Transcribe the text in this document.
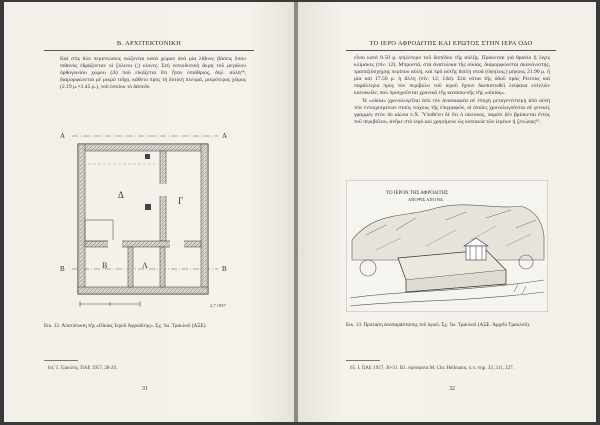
Β. ΑΡΧΙΤΕΚΤΟΝΙΚΗ

Καὶ στὶς δύο περιπτώσεις σώζονται κατὰ χώραν ἀνὰ μία λίθινες βάσεις ὅπου πιθανὸς ἑδράζονταν οἱ ξύλινοι (;) κίονες. Στὴ νοτιοδυτικὴ ἄκρη τοῦ μεγάλου ὀρθογωνίου χώρου (Δ) ποὺ εἰκάζεται ὅτι ἦταν ὑπαίθριος, δηλ. αὐλή⁶⁴, διαμορφώνεται μὲ μικρὸ τοῖχο, κάθετο πρὸς τὴ δυτικὴ πλευρά, μικρότερος χῶρος (2.19 μ.×1.45 μ.), τοῦ ὁποίου τὸ δάπεδο

Α	Α
Β	Β
Δ
Γ
Β	Α
2,7 1957
Εικ. 12. Ἀποτύπωση τῆς «Οἰκίας Ἱεροῦ Ἀφροδίτης». Σχ. Ἰω. Τραυλοῦ (ΑΞΕ).
64. Ἰ. Τραυλός, ΠΑΕ 1957, 28-29.
31
ΤΟ ΙΕΡΟ ΑΦΡΟΔΙΤΗΣ ΚΑΙ ΕΡΩΤΟΣ ΣΤΗΝ ΙΕΡΑ ΟΔΟ

εἶναι κατὰ 0.50 μ. ψηλότερο τοῦ δαπέδου τῆς αὐλῆς. Πρόκειται γιὰ θρανίο ἢ λίγες κλίμακες (πίν. 12). Μπροστά, στὰ ἀνατολικὰ τῆς οἰκίας, διαμορφώνεται ἀκανόνιστης, τραπεζιόσχημης περίπου αὐλή, καὶ πρὸ αὐτῆς διπλὴ στοά (ὕψηλος;) μήκους 21.90 μ. ἢ μία καὶ 17.50 μ. ἡ ἄλλη (πίν. 12, 14α). Στὰ νότια τῆς ὁδοῦ πρὸς Ρειτοὺς καὶ παράλληλα πρὸς τὸν περίβολο τοῦ ἱεροῦ ἔχουν διαπιστωθεῖ λείψανα εὐτελῶν κατοικιῶν, ποὺ προηγοῦνται χρονικὰ τῆς κατασκευῆς τῆς «οἰκίας».

Ἡ «οἰκία» χρονολογεῖται ἀπὸ τὸν ἀνασκαφέα σὲ ἐποχὴ μεταγενέστερη ἀπὸ αὐτὴ τῶν ἐντοιχισμένων στοὺς τοίχους τῆς ἐπιγραφῶν, οἱ ὁποῖες χρονολογοῦνται σὲ γενικὲς γραμμὲς στὸν 4ο αἰώνα π.Χ. Ὑποθέτει δὲ ὅτι ὁ οἰκίσκος, παρότι δὲν βρίσκεται ἐντὸς τοῦ περιβόλου, ἀνῆκε στὸ ἱερὸ καὶ χρησίμευε ὡς κατοικία τῶν ἱερέων ἢ ξενώνας⁶⁵.

ΤΟ ΙΕΡΟΝ ΤΗΣ ΑΦΡΟΔΙΤΗΣ
ΑΠΟΨΙΣ ΑΠΟ ΒΔ
Εικ. 13. Πρόταση ἀναπαράστασης τοῦ ἱεροῦ. Σχ. Ἰω. Τραυλοῦ (ΑΞΕ. Ἀρχεῖο Τραυλοῦ).
65. Ι. ΠΑΕ 1957, 30-31. Βλ. πρόσφατα Μ. Chr. Hellmann, ό.π. σημ. 33, 211, 227.
32
